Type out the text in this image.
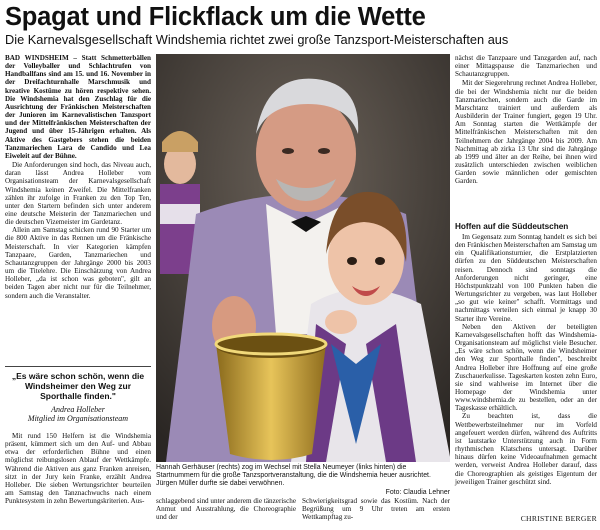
Spagat und Flickflack um die Wette
Die Karnevalsgesellschaft Windshemia richtet zwei große Tanzsport-Meisterschaften aus

BAD WINDSHEIM – Statt Schmetterbällen der Volleyballer und Schlachtrufen von Handballfans sind am 15. und 16. November in der Dreifachturnhalle Marschmusik und kreative Kostüme zu hören respektive sehen. Die Windshemia hat den Zuschlag für die Ausrichtung der Fränkischen Meisterschaften der Junioren im Karnevalistischen Tanzsport und der Mittelfränkischen Meisterschaften der Jugend und über 15-Jährigen erhalten. Als Aktive des Gastgebers stehen die beiden Tanzmariechen Lara de Candido und Lea Eiweleit auf der Bühne.

Die Anforderungen sind hoch, das Niveau auch, daran lässt Andrea Holleber vom Organisationsteam der Karnevalsgesellschaft Windshemia keinen Zweifel. Die Mittelfranken zählen ihr zufolge in Franken zu den Top Ten, unter den Startern befinden sich unter anderem eine deutsche Meisterin der Tanzmariechen und die deutschen Vizemeister im Gardetanz.

Allein am Samstag schicken rund 90 Starter um die 800 Aktive in das Rennen um die Fränkische Meisterschaft. In vier Kategorien kämpfen Tanzpaare, Garden, Tanzmariechen und Schautanzgruppen der Jahrgänge 2000 bis 2003 um die Titelehre. Die Einschätzung von Andrea Holleber, „da ist schon was geboten", gilt an beiden Tagen aber nicht nur für die Teilnehmer, sondern auch die Veranstalter.

„Es wäre schon schön, wenn die Windsheimer den Weg zur Sporthalle finden."
Andrea Holleber
Mitglied im Organisationsteam

Mit rund 150 Helfern ist die Windshemia präsent, kümmert sich um den Auf- und Abbau etwa der erforderlichen Bühne und einen möglichst reibungslosen Ablauf der Wettkämpfe. Während die Aktiven aus ganz Franken anreisen, sitzt in der Jury kein Franke, erzählt Andrea Holleber. Die sieben Wertungsrichter beurteilen am Samstag den Tanznachwuchs nach einem Punktesystem in zehn Bewertungskriterien. Aus-

Hannah Gerhäuser (rechts) zog im Wechsel mit Stella Neumeyer (links hinten) die Startnummern für die große Tanzsportveranstaltung, die die Windshemia heuer ausrichtet. Jürgen Müller durfte sie dabei verwöhnen.
Foto: Claudia Lehner
schlaggebend sind unter anderem die tänzerische Anmut und Ausstrahlung, die Choreographie und der
Schwierigkeitsgrad sowie das Kostüm. Nach der Begrüßung um 9 Uhr treten am ersten Wettkampftag zu-

nächst die Tanzpaare und Tanzgarden auf, nach einer Mittagspause die Tanzmariechen und Schautanzgruppen.

Mit der Siegerehrung rechnet Andrea Holleber, die bei der Windshemia nicht nur die beiden Tanzmariechen, sondern auch die Garde im Marschtanz trainiert und außerdem als Ausbilderin der Trainer fungiert, gegen 19 Uhr. Am Sonntag starten die Wettkämpfe der Mittelfränkischen Meisterschaften mit den Teilnehmern der Jahrgänge 2004 bis 2009. Am Nachmittag ab zirka 13 Uhr sind die Jahrgänge ab 1999 und älter an der Reihe, bei ihnen wird zusätzlich unterschieden zwischen weiblichen Garden sowie männlichen oder gemischten Garden.

Hoffen auf die Süddeutschen

Im Gegensatz zum Sonntag handelt es sich bei den Fränkischen Meisterschaften am Samstag um ein Qualifikationsturnier, die Erstplatzierten dürfen zu den Süddeutschen Meisterschaften reisen. Dennoch sind sonntags die Anforderungen nicht geringer, eine Höchstpunktzahl von 100 Punkten haben die Wertungsrichter zu vergeben, was laut Holleber „so gut wie keiner" schafft. Vormittags und nachmittags verteilen sich einmal je knapp 30 Starter ihre Vereine.

Neben den Aktiven der beteiligten Karnevalsgesellschaften hofft das Windshemia-Organisationsteam auf möglichst viele Besucher. „Es wäre schon schön, wenn die Windsheimer den Weg zur Sporthalle finden", beschreibt Andrea Holleber ihre Hoffnung auf eine große Zuschauerkulisse. Tageskarten kosten zehn Euro, sie sind wahlweise im Internet über die Homepage der Windshemia unter www.windshemia.de zu bestellen, oder an der Tageskasse erhältlich.

Zu beachten ist, dass die Wettbewerbsteilnehmer nur im Vorfeld angefeuert werden dürfen, während des Auftritts ist lautstarke Unterstützung auch in Form rhythmischen Klatschens untersagt. Darüber hinaus dürfen keine Videoaufnahmen gemacht werden, verweist Andrea Holleber darauf, dass die Choreographien als geistiges Eigentum der jeweiligen Trainer geschützt sind.

CHRISTINE BERGER
